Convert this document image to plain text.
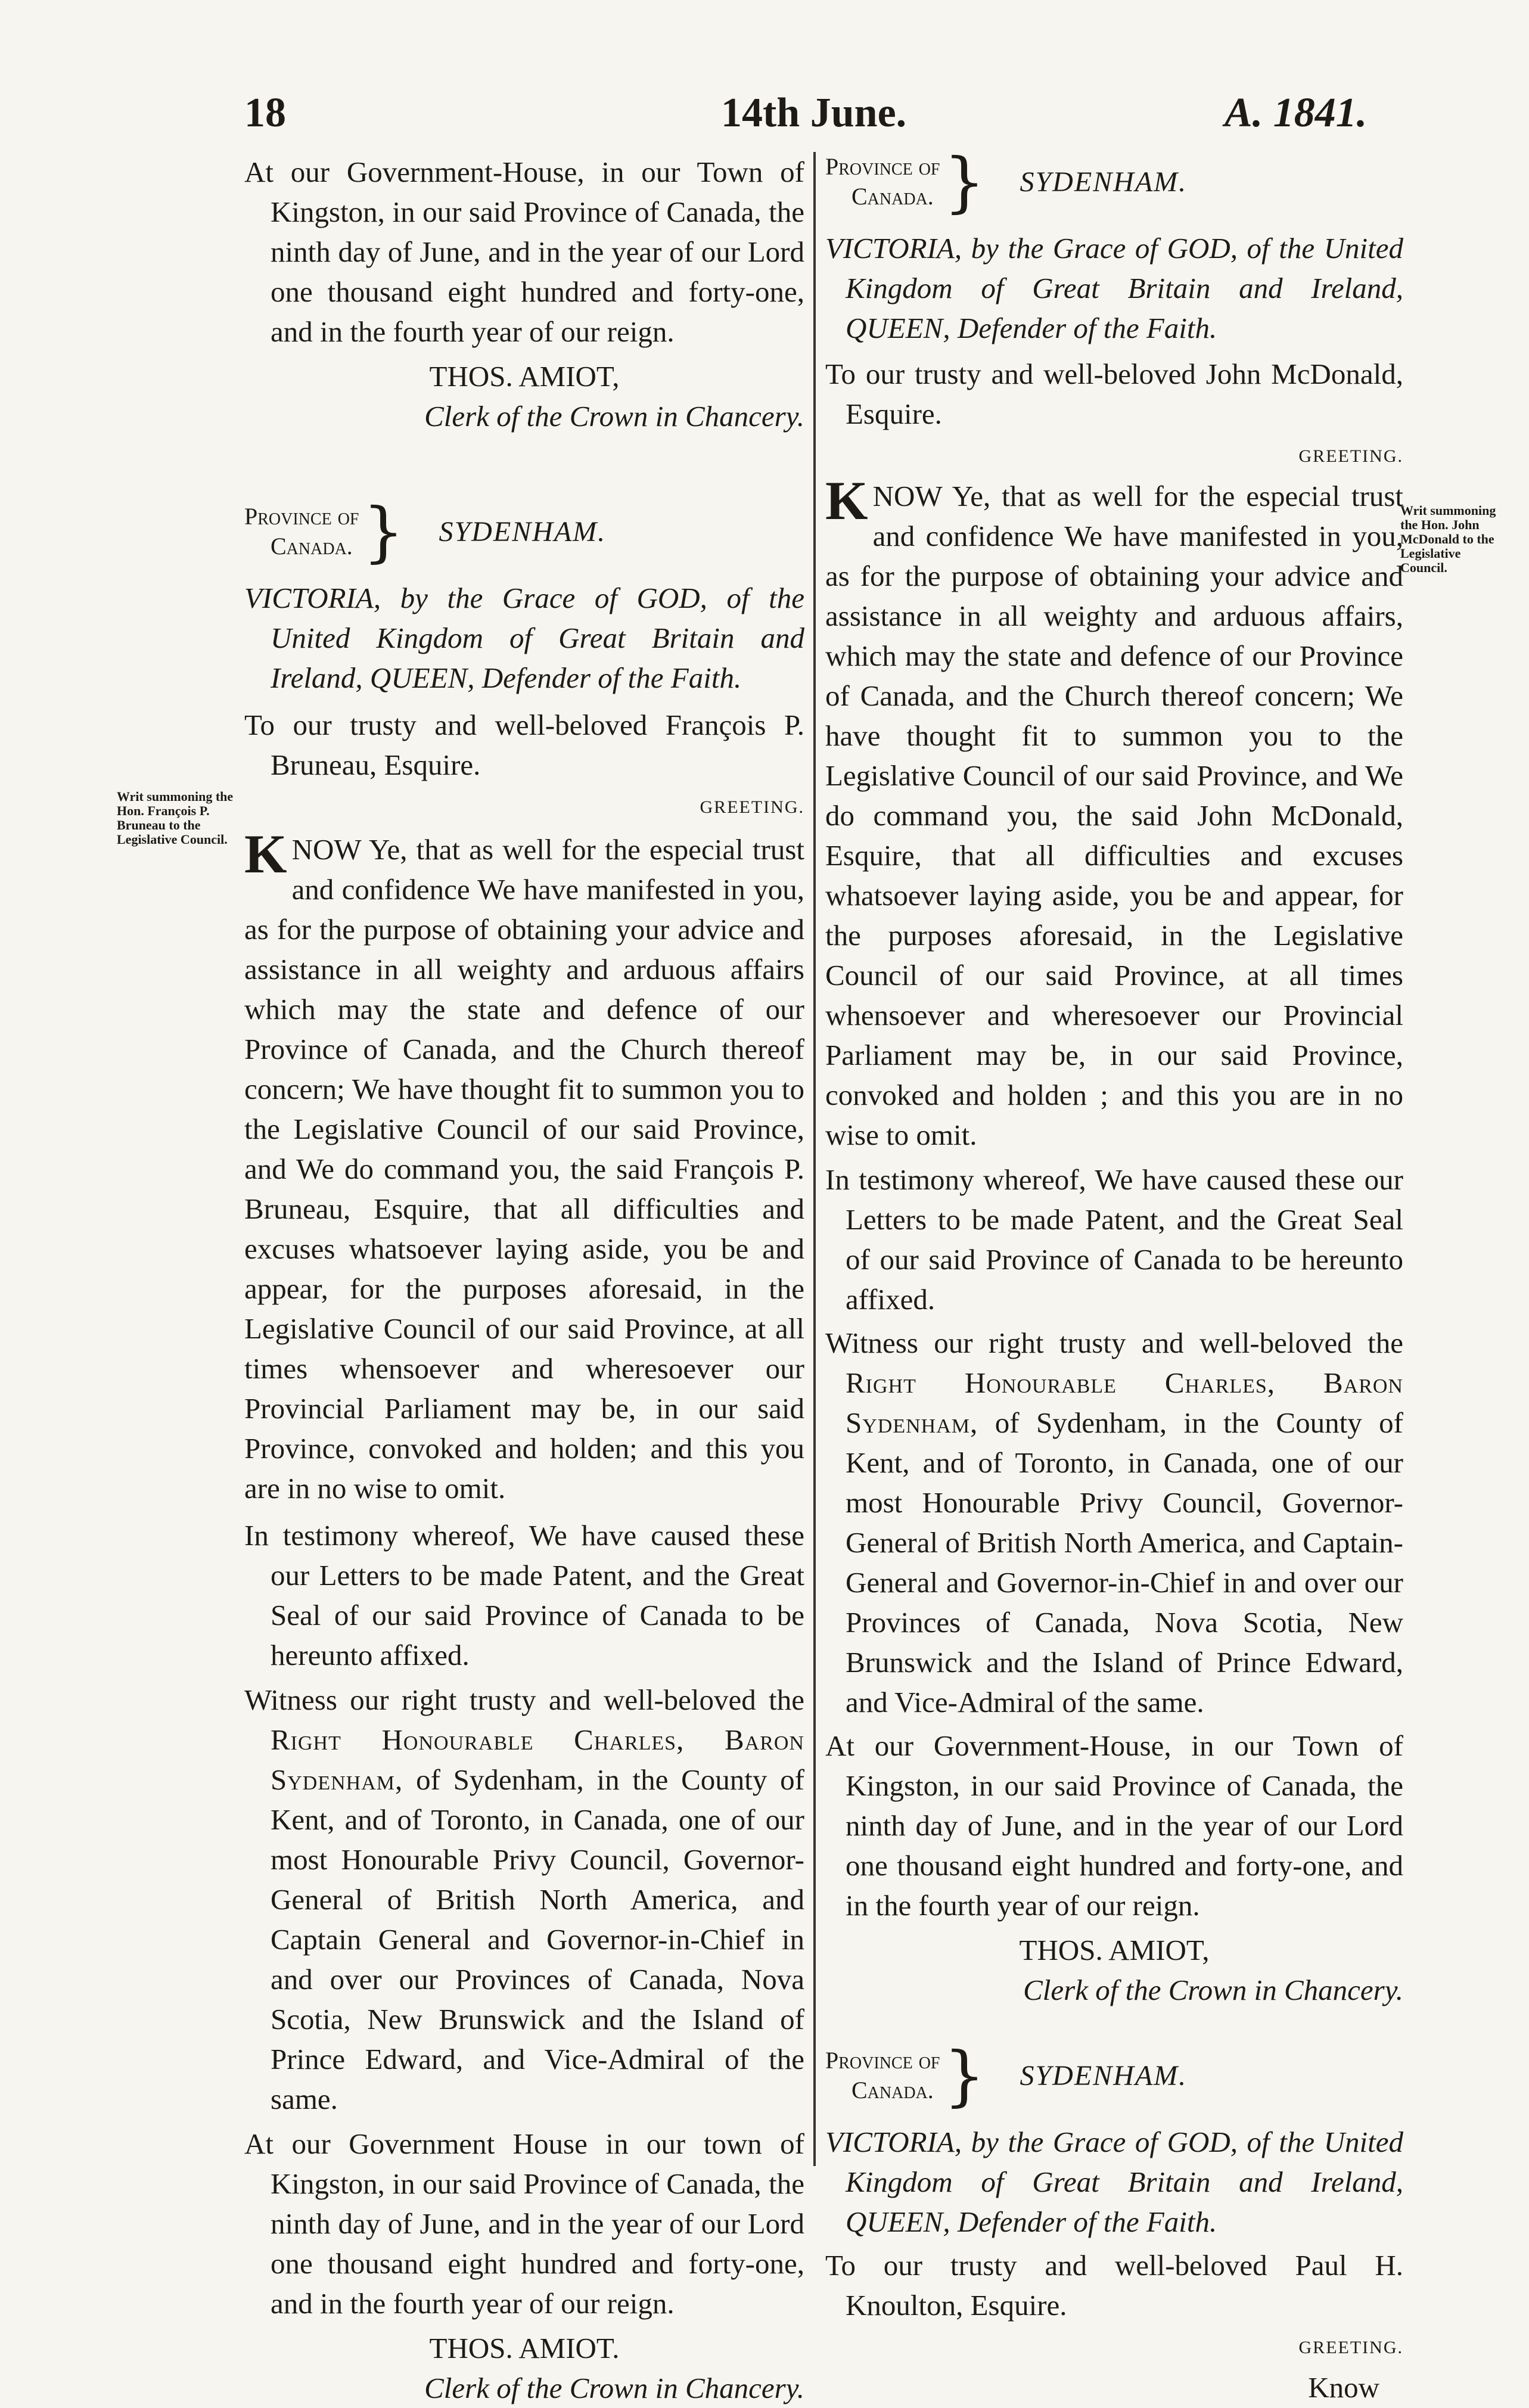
18	14th June.	A. 1841.
Writ summoning the Hon. François P. Bruneau to the Legislative Council.
Writ summoning the Hon. John McDonald to the Legislative Council.

At our Government-House, in our Town of Kingston, in our said Province of Canada, the ninth day of June, and in the year of our Lord one thousand eight hundred and forty-one, and in the fourth year of our reign.

THOS. AMIOT,
Clerk of the Crown in Chancery.
Province of
Canada. } SYDENHAM.

VICTORIA, by the Grace of GOD, of the United Kingdom of Great Britain and Ireland, QUEEN, Defender of the Faith.

To our trusty and well-beloved François P. Bruneau, Esquire.

GREETING.

KNOW Ye, that as well for the especial trust and confidence We have manifested in you, as for the purpose of obtaining your advice and assistance in all weighty and arduous affairs which may the state and defence of our Province of Canada, and the Church thereof concern; We have thought fit to summon you to the Legislative Council of our said Province, and We do command you, the said François P. Bruneau, Esquire, that all difficulties and excuses whatsoever laying aside, you be and appear, for the purposes aforesaid, in the Legislative Council of our said Province, at all times whensoever and wheresoever our Provincial Parliament may be, in our said Province, convoked and holden; and this you are in no wise to omit.

In testimony whereof, We have caused these our Letters to be made Patent, and the Great Seal of our said Province of Canada to be hereunto affixed.

Witness our right trusty and well-beloved the Right Honourable Charles, Baron Sydenham, of Sydenham, in the County of Kent, and of Toronto, in Canada, one of our most Honourable Privy Council, Governor-General of British North America, and Captain General and Governor-in-Chief in and over our Provinces of Canada, Nova Scotia, New Brunswick and the Island of Prince Edward, and Vice-Admiral of the same.

At our Government House in our town of Kingston, in our said Province of Canada, the ninth day of June, and in the year of our Lord one thousand eight hundred and forty-one, and in the fourth year of our reign.

THOS. AMIOT.
Clerk of the Crown in Chancery.
Province of
Canada. } SYDENHAM.

VICTORIA, by the Grace of GOD, of the United Kingdom of Great Britain and Ireland, QUEEN, Defender of the Faith.

To our trusty and well-beloved John McDonald, Esquire.

GREETING.

KNOW Ye, that as well for the especial trust and confidence We have manifested in you, as for the purpose of obtaining your advice and assistance in all weighty and arduous affairs, which may the state and defence of our Province of Canada, and the Church thereof concern; We have thought fit to summon you to the Legislative Council of our said Province, and We do command you, the said John McDonald, Esquire, that all difficulties and excuses whatsoever laying aside, you be and appear, for the purposes aforesaid, in the Legislative Council of our said Province, at all times whensoever and wheresoever our Provincial Parliament may be, in our said Province, convoked and holden ; and this you are in no wise to omit.

In testimony whereof, We have caused these our Letters to be made Patent, and the Great Seal of our said Province of Canada to be hereunto affixed.

Witness our right trusty and well-beloved the Right Honourable Charles, Baron Sydenham, of Sydenham, in the County of Kent, and of Toronto, in Canada, one of our most Honourable Privy Council, Governor-General of British North America, and Captain-General and Governor-in-Chief in and over our Provinces of Canada, Nova Scotia, New Brunswick and the Island of Prince Edward, and Vice-Admiral of the same.

At our Government-House, in our Town of Kingston, in our said Province of Canada, the ninth day of June, and in the year of our Lord one thousand eight hundred and forty-one, and in the fourth year of our reign.

THOS. AMIOT,
Clerk of the Crown in Chancery.
Province of
Canada. } SYDENHAM.

VICTORIA, by the Grace of GOD, of the United Kingdom of Great Britain and Ireland, QUEEN, Defender of the Faith.

To our trusty and well-beloved Paul H. Knoulton, Esquire.

GREETING.
Know
